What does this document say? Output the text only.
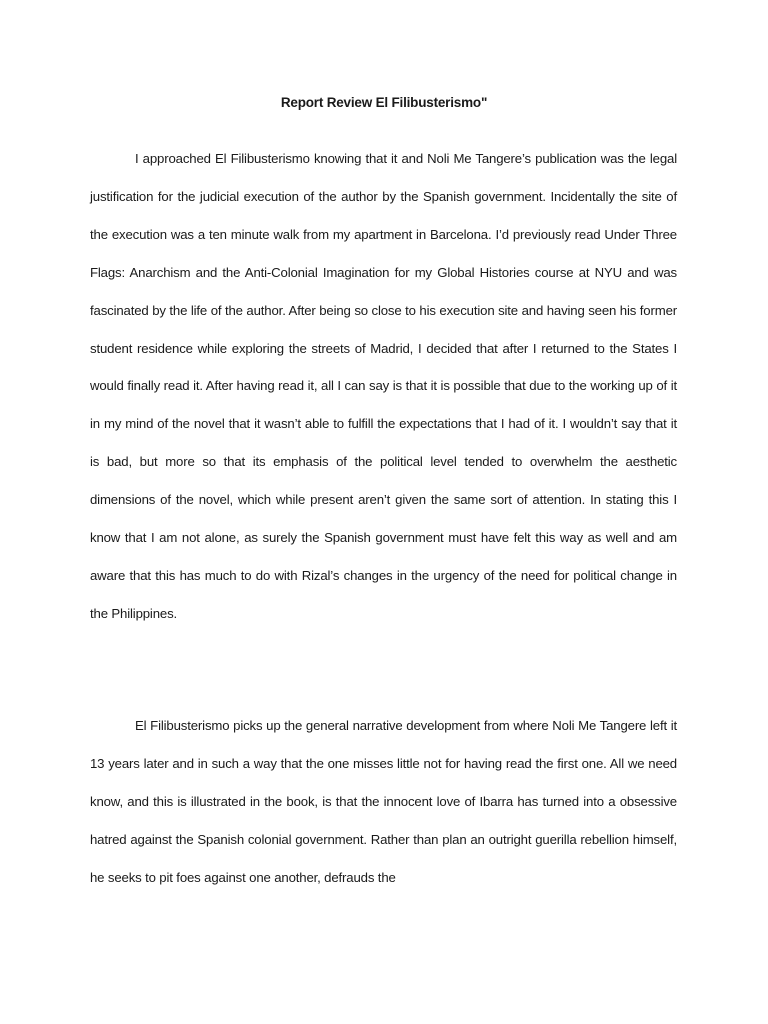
Report Review El Filibusterismo"

I approached El Filibusterismo knowing that it and Noli Me Tangere’s publication was the legal justification for the judicial execution of the author by the Spanish government. Incidentally the site of the execution was a ten minute walk from my apartment in Barcelona. I’d previously read Under Three Flags: Anarchism and the Anti-Colonial Imagination for my Global Histories course at NYU and was fascinated by the life of the author. After being so close to his execution site and having seen his former student residence while exploring the streets of Madrid, I decided that after I returned to the States I would finally read it. After having read it, all I can say is that it is possible that due to the working up of it in my mind of the novel that it wasn’t able to fulfill the expectations that I had of it. I wouldn’t say that it is bad, but more so that its emphasis of the political level tended to overwhelm the aesthetic dimensions of the novel, which while present aren’t given the same sort of attention. In stating this I know that I am not alone, as surely the Spanish government must have felt this way as well and am aware that this has much to do with Rizal’s changes in the urgency of the need for political change in the Philippines.

El Filibusterismo picks up the general narrative development from where Noli Me Tangere left it 13 years later and in such a way that the one misses little not for having read the first one. All we need know, and this is illustrated in the book, is that the innocent love of Ibarra has turned into a obsessive hatred against the Spanish colonial government. Rather than plan an outright guerilla rebellion himself, he seeks to pit foes against one another, defrauds the
